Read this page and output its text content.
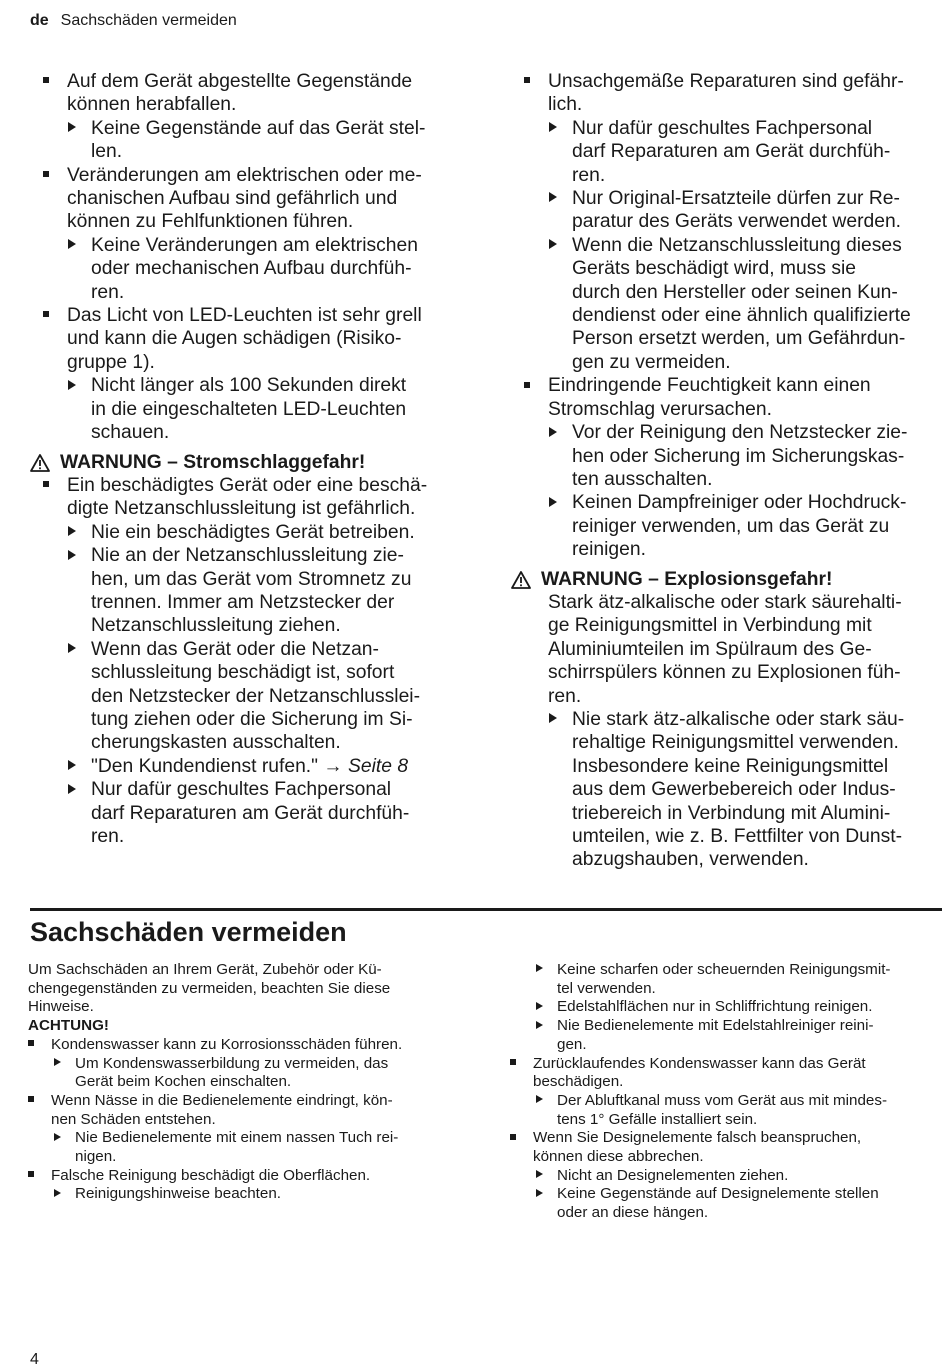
de Sachschäden vermeiden
Auf dem Gerät abgestellte Gegenstände
können herabfallen.
Keine Gegenstände auf das Gerät stel-
len.
Veränderungen am elektrischen oder me-
chanischen Aufbau sind gefährlich und
können zu Fehlfunktionen führen.
Keine Veränderungen am elektrischen
oder mechanischen Aufbau durchfüh-
ren.
Das Licht von LED-Leuchten ist sehr grell
und kann die Augen schädigen (Risiko-
gruppe 1).
Nicht länger als 100 Sekunden direkt
in die eingeschalteten LED-Leuchten
schauen.
WARNUNG – Stromschlaggefahr!
Ein beschädigtes Gerät oder eine beschä-
digte Netzanschlussleitung ist gefährlich.
Nie ein beschädigtes Gerät betreiben.
Nie an der Netzanschlussleitung zie-
hen, um das Gerät vom Stromnetz zu
trennen. Immer am Netzstecker der
Netzanschlussleitung ziehen.
Wenn das Gerät oder die Netzan-
schlussleitung beschädigt ist, sofort
den Netzstecker der Netzanschlusslei-
tung ziehen oder die Sicherung im Si-
cherungskasten ausschalten.
"Den Kundendienst rufen." → Seite 8
Nur dafür geschultes Fachpersonal
darf Reparaturen am Gerät durchfüh-
ren.
Unsachgemäße Reparaturen sind gefähr-
lich.
Nur dafür geschultes Fachpersonal
darf Reparaturen am Gerät durchfüh-
ren.
Nur Original-Ersatzteile dürfen zur Re-
paratur des Geräts verwendet werden.
Wenn die Netzanschlussleitung dieses
Geräts beschädigt wird, muss sie
durch den Hersteller oder seinen Kun-
dendienst oder eine ähnlich qualifizierte
Person ersetzt werden, um Gefährdun-
gen zu vermeiden.
Eindringende Feuchtigkeit kann einen
Stromschlag verursachen.
Vor der Reinigung den Netzstecker zie-
hen oder Sicherung im Sicherungskas-
ten ausschalten.
Keinen Dampfreiniger oder Hochdruck-
reiniger verwenden, um das Gerät zu
reinigen.
WARNUNG – Explosionsgefahr!
Stark ätz-alkalische oder stark säurehalti-
ge Reinigungsmittel in Verbindung mit
Aluminiumteilen im Spülraum des Ge-
schirrspülers können zu Explosionen füh-
ren.
Nie stark ätz-alkalische oder stark säu-
rehaltige Reinigungsmittel verwenden.
Insbesondere keine Reinigungsmittel
aus dem Gewerbebereich oder Indus-
triebereich in Verbindung mit Alumini-
umteilen, wie z. B. Fettfilter von Dunst-
abzugshauben, verwenden.
Sachschäden vermeiden
Um Sachschäden an Ihrem Gerät, Zubehör oder Kü-
chengegenständen zu vermeiden, beachten Sie diese
Hinweise.
ACHTUNG!
Kondenswasser kann zu Korrosionsschäden führen.
Um Kondenswasserbildung zu vermeiden, das
Gerät beim Kochen einschalten.
Wenn Nässe in die Bedienelemente eindringt, kön-
nen Schäden entstehen.
Nie Bedienelemente mit einem nassen Tuch rei-
nigen.
Falsche Reinigung beschädigt die Oberflächen.
Reinigungshinweise beachten.
Keine scharfen oder scheuernden Reinigungsmit-
tel verwenden.
Edelstahlflächen nur in Schliffrichtung reinigen.
Nie Bedienelemente mit Edelstahlreiniger reini-
gen.
Zurücklaufendes Kondenswasser kann das Gerät
beschädigen.
Der Abluftkanal muss vom Gerät aus mit mindes-
tens 1° Gefälle installiert sein.
Wenn Sie Designelemente falsch beanspruchen,
können diese abbrechen.
Nicht an Designelementen ziehen.
Keine Gegenstände auf Designelemente stellen
oder an diese hängen.
4
